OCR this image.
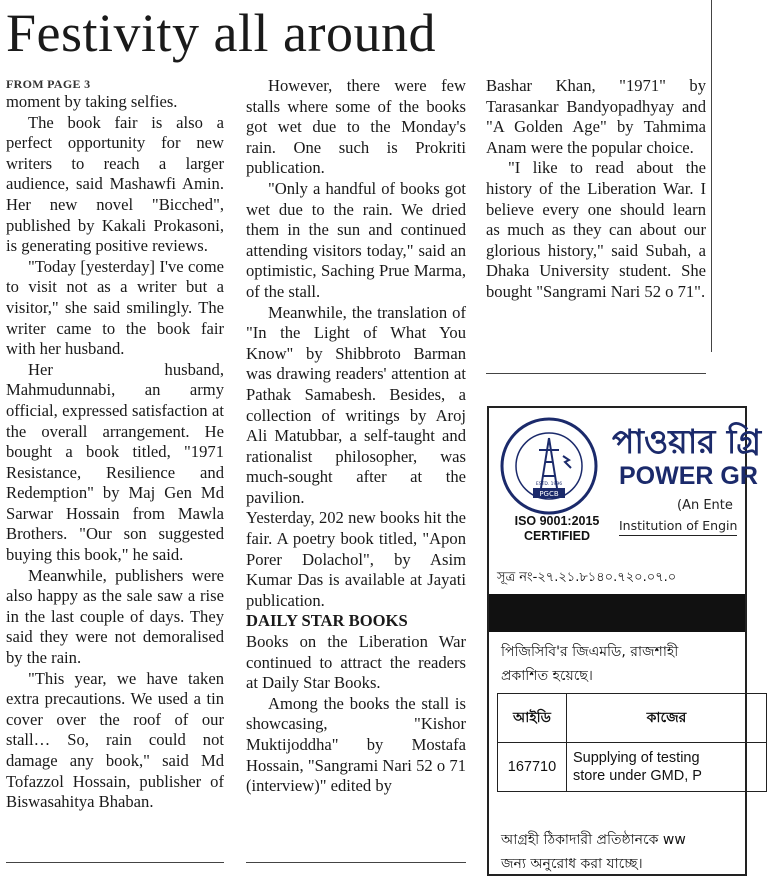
Festivity all around
FROM PAGE 3

moment by taking selfies.

The book fair is also a perfect opportunity for new writers to reach a larger audience, said Mashawfi Amin. Her new novel "Bicched", published by Kakali Prokasoni, is generating positive reviews.

"Today [yesterday] I've come to visit not as a writer but a visitor," she said smilingly. The writer came to the book fair with her husband.

Her husband, Mahmudunnabi, an army official, expressed satisfaction at the overall arrangement. He bought a book titled, "1971 Resistance, Resilience and Redemption" by Maj Gen Md Sarwar Hossain from Mawla Brothers. "Our son suggested buying this book," he said.

Meanwhile, publishers were also happy as the sale saw a rise in the last couple of days. They said they were not demoralised by the rain.

"This year, we have taken extra precautions. We used a tin cover over the roof of our stall… So, rain could not damage any book," said Md Tofazzol Hossain, publisher of Biswasahitya Bhaban.

However, there were few stalls where some of the books got wet due to the Monday's rain. One such is Prokriti publication.

"Only a handful of books got wet due to the rain. We dried them in the sun and continued attending visitors today," said an optimistic, Saching Prue Marma, of the stall.

Meanwhile, the translation of "In the Light of What You Know" by Shibbroto Barman was drawing readers' attention at Pathak Samabesh. Besides, a collection of writings by Aroj Ali Matubbar, a self-taught and rationalist philosopher, was much-sought after at the pavilion.

Yesterday, 202 new books hit the fair. A poetry book titled, "Apon Porer Dolachol", by Asim Kumar Das is available at Jayati publication.

DAILY STAR BOOKS

Books on the Liberation War continued to attract the readers at Daily Star Books.

Among the books the stall is showcasing, "Kishor Muktijoddha" by Mostafa Hossain, "Sangrami Nari 52 o 71 (interview)" edited by

Bashar Khan, "1971" by Tarasankar Bandyopadhyay and "A Golden Age" by Tahmima Anam were the popular choice.

"I like to read about the history of the Liberation War. I believe every one should learn as much as they can about our glorious history," said Subah, a Dhaka University student. She bought "Sangrami Nari 52 o 71".

PGCB
ESTD. 1996
পাওয়ার গ্রি
POWER GR
(An Ente
ISO 9001:2015
CERTIFIED
Institution of Engin
সূত্র নং-২৭.২১.৮১৪০.৭২০.০৭.০
পিজিসিবি'র জিএমডি, রাজশাহী
প্রকাশিত হয়েছে।
আইডি	কাজের
167710	Supplying of testing
store under GMD, P
আগ্রহী ঠিকাদারী প্রতিষ্ঠানকে ww
জন্য অনুরোধ করা যাচ্ছে।
